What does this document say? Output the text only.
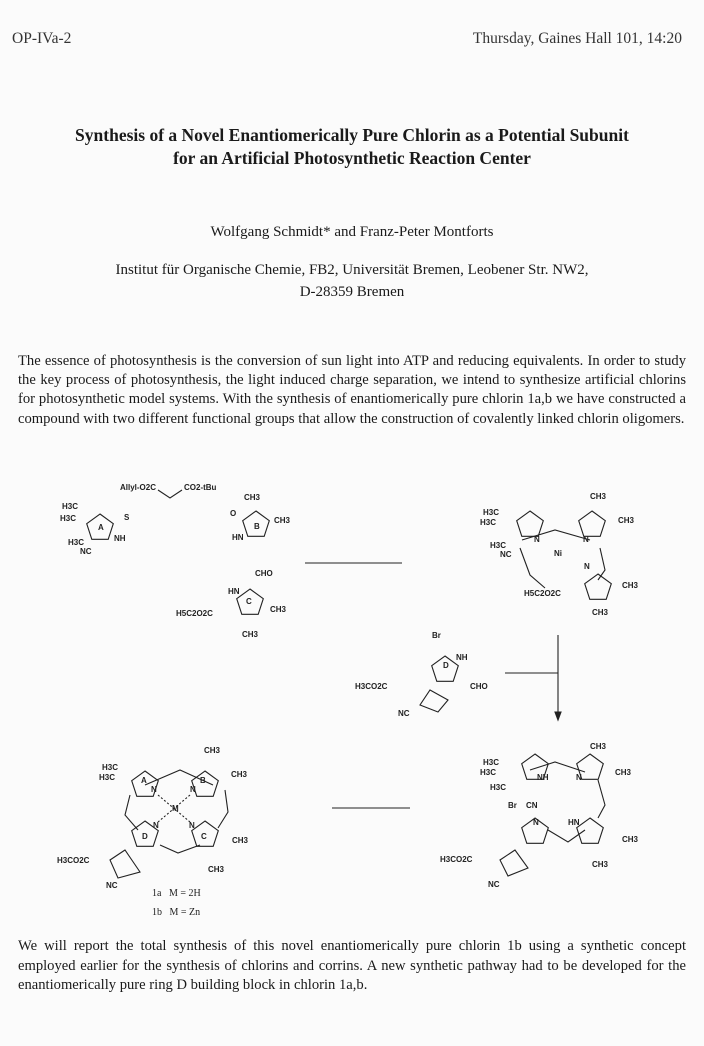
OP-IVa-2	Thursday, Gaines Hall 101, 14:20
Synthesis of a Novel Enantiomerically Pure Chlorin as a Potential Subunit
for an Artificial Photosynthetic Reaction Center
Wolfgang Schmidt* and Franz-Peter Montforts
Institut für Organische Chemie, FB2, Universität Bremen, Leobener Str. NW2,
D-28359 Bremen
The essence of photosynthesis is the conversion of sun light into ATP and reducing equivalents. In order to study the key process of photosynthesis, the light induced charge separation, we intend to synthesize artificial chlorins for photosynthetic model systems. With the synthesis of enantiomerically pure chlorin 1a,b we have constructed a compound with two different functional groups that allow the construction of covalently linked chlorin oligomers.
H3C
H3C	S
A
NH
H3C
NC
Allyl-O2C	CO2-tBu
O
B
HN
CH3
CH3
CHO
HN
C
CH3
H5C2O2C
CH3
CH3
H3C
H3C	CH3
N	N
Ni
H3C
NC
N
CH3
H5C2O2C
CH3
Br
NH
D
H3CO2C	CHO
NC
CH3
H3C
H3C
NH	N
CH3
H3C
Br CN
N	HN
CH3
H3CO2C
CH3
NC
CH3
H3C
H3C	A	B
CH3
N	N
M
N	N
D	C	CH3
H3CO2C
CH3
NC
1a   M = 2H
1b   M = Zn
We will report the total synthesis of this novel enantiomerically pure chlorin 1b using a synthetic concept employed earlier for the synthesis of chlorins and corrins. A new synthetic pathway had to be developed for the enantiomerically pure ring D building block in chlorin 1a,b.
